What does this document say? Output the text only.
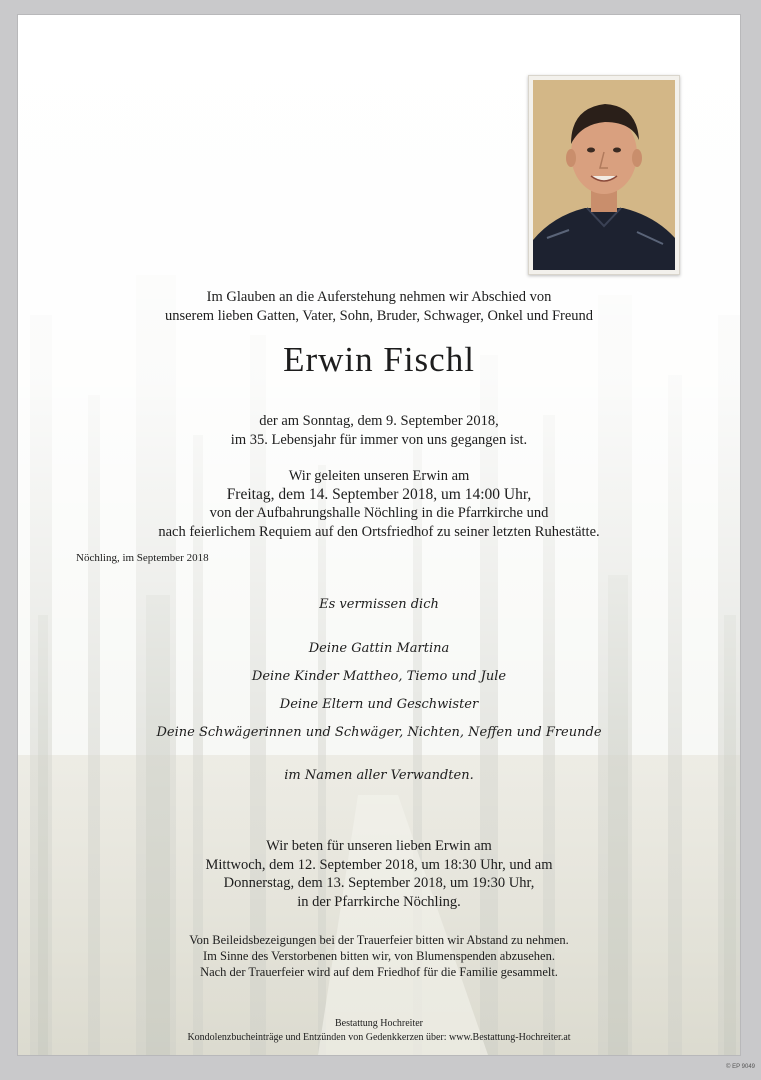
Im Glauben an die Auferstehung nehmen wir Abschied von
unserem lieben Gatten, Vater, Sohn, Bruder, Schwager, Onkel und Freund
Erwin Fischl
der am Sonntag, dem 9. September 2018,
im 35. Lebensjahr für immer von uns gegangen ist.
Wir geleiten unseren Erwin am
Freitag, dem 14. September 2018, um 14:00 Uhr,
von der Aufbahrungshalle Nöchling in die Pfarrkirche und
nach feierlichem Requiem auf den Ortsfriedhof zu seiner letzten Ruhestätte.
Nöchling, im September 2018
Es vermissen dich
Deine Gattin Martina
Deine Kinder Mattheo, Tiemo und Jule
Deine Eltern und Geschwister
Deine Schwägerinnen und Schwäger, Nichten, Neffen und Freunde
im Namen aller Verwandten.
Wir beten für unseren lieben Erwin am
Mittwoch, dem 12. September 2018, um 18:30 Uhr, und am
Donnerstag, dem 13. September 2018, um 19:30 Uhr,
in der Pfarrkirche Nöchling.
Von Beileidsbezeigungen bei der Trauerfeier bitten wir Abstand zu nehmen.
Im Sinne des Verstorbenen bitten wir, von Blumenspenden abzusehen.
Nach der Trauerfeier wird auf dem Friedhof für die Familie gesammelt.
Bestattung Hochreiter
Kondolenzbucheinträge und Entzünden von Gedenkkerzen über: www.Bestattung-Hochreiter.at
© EP 9049
